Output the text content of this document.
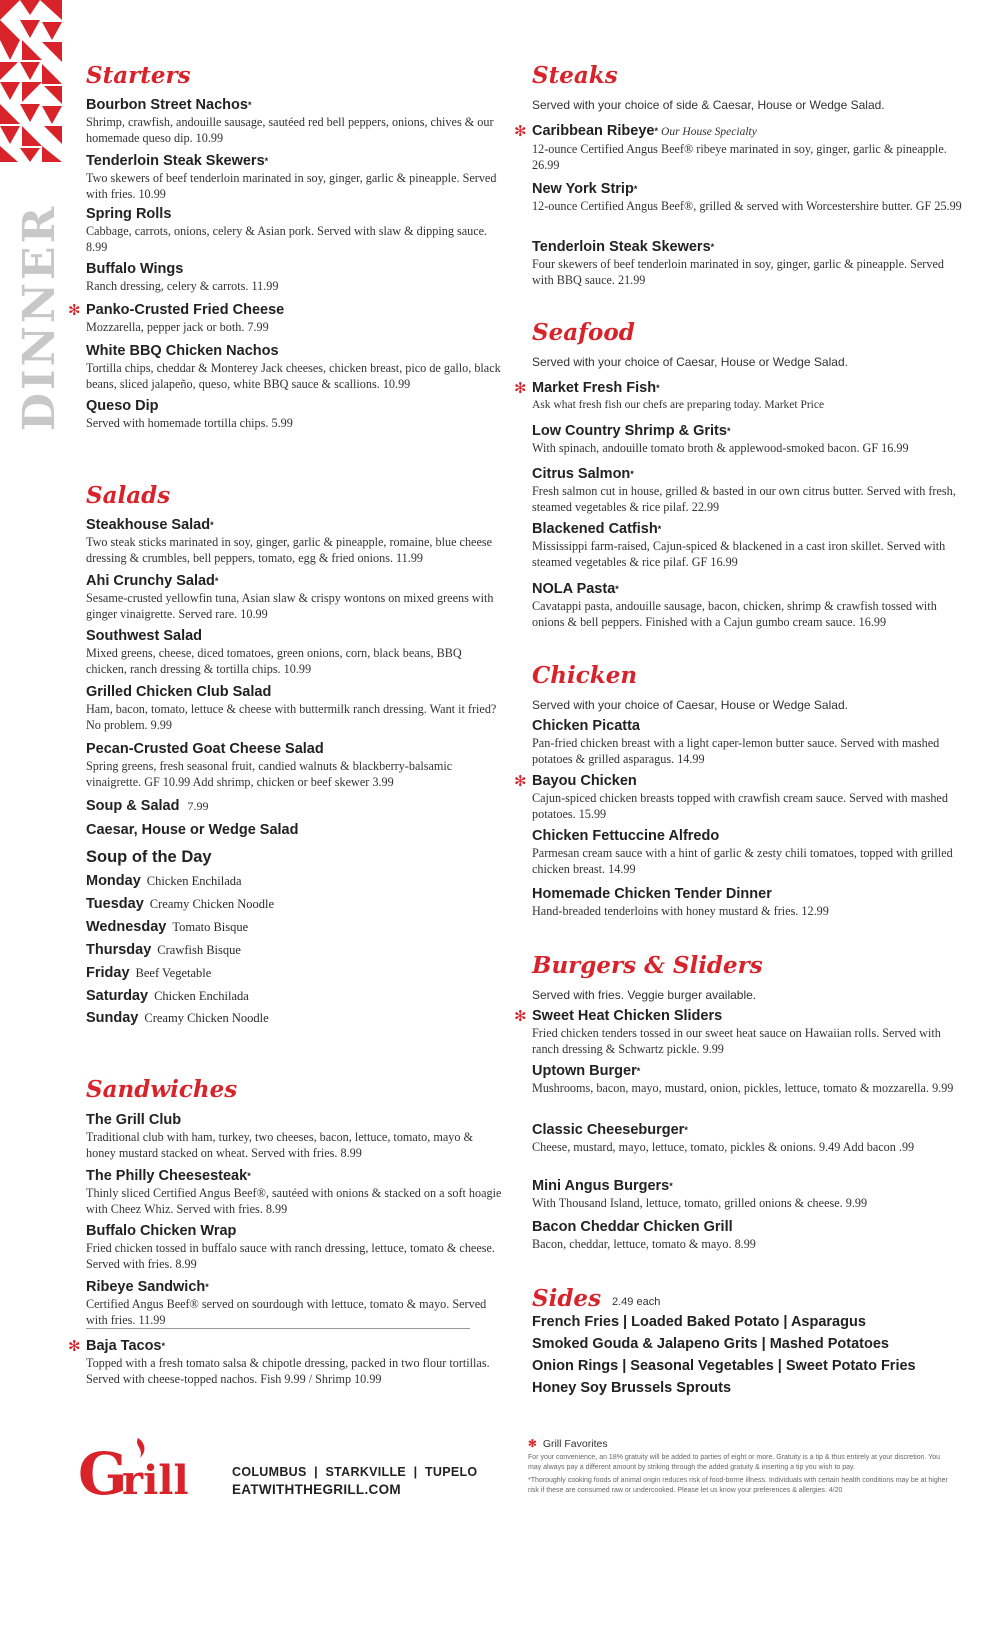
DINNER
Starters
Bourbon Street Nachos*
Shrimp, crawfish, andouille sausage, sautéed red bell peppers, onions, chives & our homemade queso dip. 10.99
Tenderloin Steak Skewers*
Two skewers of beef tenderloin marinated in soy, ginger, garlic & pineapple. Served with fries. 10.99
Spring Rolls
Cabbage, carrots, onions, celery & Asian pork. Served with slaw & dipping sauce. 8.99
Buffalo Wings
Ranch dressing, celery & carrots. 11.99
✻ Panko-Crusted Fried Cheese
Mozzarella, pepper jack or both. 7.99
White BBQ Chicken Nachos
Tortilla chips, cheddar & Monterey Jack cheeses, chicken breast, pico de gallo, black beans, sliced jalapeño, queso, white BBQ sauce & scallions. 10.99
Queso Dip
Served with homemade tortilla chips. 5.99
Salads
Steakhouse Salad*
Two steak sticks marinated in soy, ginger, garlic & pineapple, romaine, blue cheese dressing & crumbles, bell peppers, tomato, egg & fried onions. 11.99
Ahi Crunchy Salad*
Sesame-crusted yellowfin tuna, Asian slaw & crispy wontons on mixed greens with ginger vinaigrette. Served rare. 10.99
Southwest Salad
Mixed greens, cheese, diced tomatoes, green onions, corn, black beans, BBQ chicken, ranch dressing & tortilla chips. 10.99
Grilled Chicken Club Salad
Ham, bacon, tomato, lettuce & cheese with buttermilk ranch dressing. Want it fried? No problem. 9.99
Pecan-Crusted Goat Cheese Salad
Spring greens, fresh seasonal fruit, candied walnuts & blackberry-balsamic vinaigrette. GF 10.99 Add shrimp, chicken or beef skewer 3.99
Soup & Salad 7.99
Caesar, House or Wedge Salad
Soup of the Day
Monday Chicken Enchilada
Tuesday Creamy Chicken Noodle
Wednesday Tomato Bisque
Thursday Crawfish Bisque
Friday Beef Vegetable
Saturday Chicken Enchilada
Sunday Creamy Chicken Noodle
Sandwiches
The Grill Club
Traditional club with ham, turkey, two cheeses, bacon, lettuce, tomato, mayo & honey mustard stacked on wheat. Served with fries. 8.99
The Philly Cheesesteak*
Thinly sliced Certified Angus Beef®, sautéed with onions & stacked on a soft hoagie with Cheez Whiz. Served with fries. 8.99
Buffalo Chicken Wrap
Fried chicken tossed in buffalo sauce with ranch dressing, lettuce, tomato & cheese. Served with fries. 8.99
Ribeye Sandwich*
Certified Angus Beef® served on sourdough with lettuce, tomato & mayo. Served with fries. 11.99
✻ Baja Tacos*
Topped with a fresh tomato salsa & chipotle dressing, packed in two flour tortillas. Served with cheese-topped nachos. Fish 9.99 / Shrimp 10.99
Steaks
Served with your choice of side & Caesar, House or Wedge Salad.
✻ Caribbean Ribeye* Our House Specialty
12-ounce Certified Angus Beef® ribeye marinated in soy, ginger, garlic & pineapple. 26.99
New York Strip*
12-ounce Certified Angus Beef®, grilled & served with Worcestershire butter. GF 25.99
Tenderloin Steak Skewers*
Four skewers of beef tenderloin marinated in soy, ginger, garlic & pineapple. Served with BBQ sauce. 21.99
Seafood
Served with your choice of Caesar, House or Wedge Salad.
✻ Market Fresh Fish*
Ask what fresh fish our chefs are preparing today. Market Price
Low Country Shrimp & Grits*
With spinach, andouille tomato broth & applewood-smoked bacon. GF 16.99
Citrus Salmon*
Fresh salmon cut in house, grilled & basted in our own citrus butter. Served with fresh, steamed vegetables & rice pilaf. 22.99
Blackened Catfish*
Mississippi farm-raised, Cajun-spiced & blackened in a cast iron skillet. Served with steamed vegetables & rice pilaf. GF 16.99
NOLA Pasta*
Cavatappi pasta, andouille sausage, bacon, chicken, shrimp & crawfish tossed with onions & bell peppers. Finished with a Cajun gumbo cream sauce. 16.99
Chicken
Served with your choice of Caesar, House or Wedge Salad.
Chicken Picatta
Pan-fried chicken breast with a light caper-lemon butter sauce. Served with mashed potatoes & grilled asparagus. 14.99
✻ Bayou Chicken
Cajun-spiced chicken breasts topped with crawfish cream sauce. Served with mashed potatoes. 15.99
Chicken Fettuccine Alfredo
Parmesan cream sauce with a hint of garlic & zesty chili tomatoes, topped with grilled chicken breast. 14.99
Homemade Chicken Tender Dinner
Hand-breaded tenderloins with honey mustard & fries. 12.99
Burgers & Sliders
Served with fries. Veggie burger available.
✻ Sweet Heat Chicken Sliders
Fried chicken tenders tossed in our sweet heat sauce on Hawaiian rolls. Served with ranch dressing & Schwartz pickle. 9.99
Uptown Burger*
Mushrooms, bacon, mayo, mustard, onion, pickles, lettuce, tomato & mozzarella. 9.99
Classic Cheeseburger*
Cheese, mustard, mayo, lettuce, tomato, pickles & onions. 9.49 Add bacon .99
Mini Angus Burgers*
With Thousand Island, lettuce, tomato, grilled onions & cheese. 9.99
Bacon Cheddar Chicken Grill
Bacon, cheddar, lettuce, tomato & mayo. 8.99
Sides 2.49 each
French Fries | Loaded Baked Potato | Asparagus
Smoked Gouda & Jalapeno Grits | Mashed Potatoes
Onion Rings | Seasonal Vegetables | Sweet Potato Fries
Honey Soy Brussels Sprouts
G
rill	COLUMBUS  |  STARKVILLE  |  TUPELO
EATWITHTHEGRILL.COM
✻ Grill Favorites

For your convenience, an 18% gratuity will be added to parties of eight or more. Gratuity is a tip & thus entirely at your discretion. You may always pay a different amount by striking through the added gratuity & inserting a tip you wish to pay.

*Thoroughly cooking foods of animal origin reduces risk of food-borne illness. Individuals with certain health conditions may be at higher risk if these are consumed raw or undercooked. Please let us know your preferences & allergies. 4/20
